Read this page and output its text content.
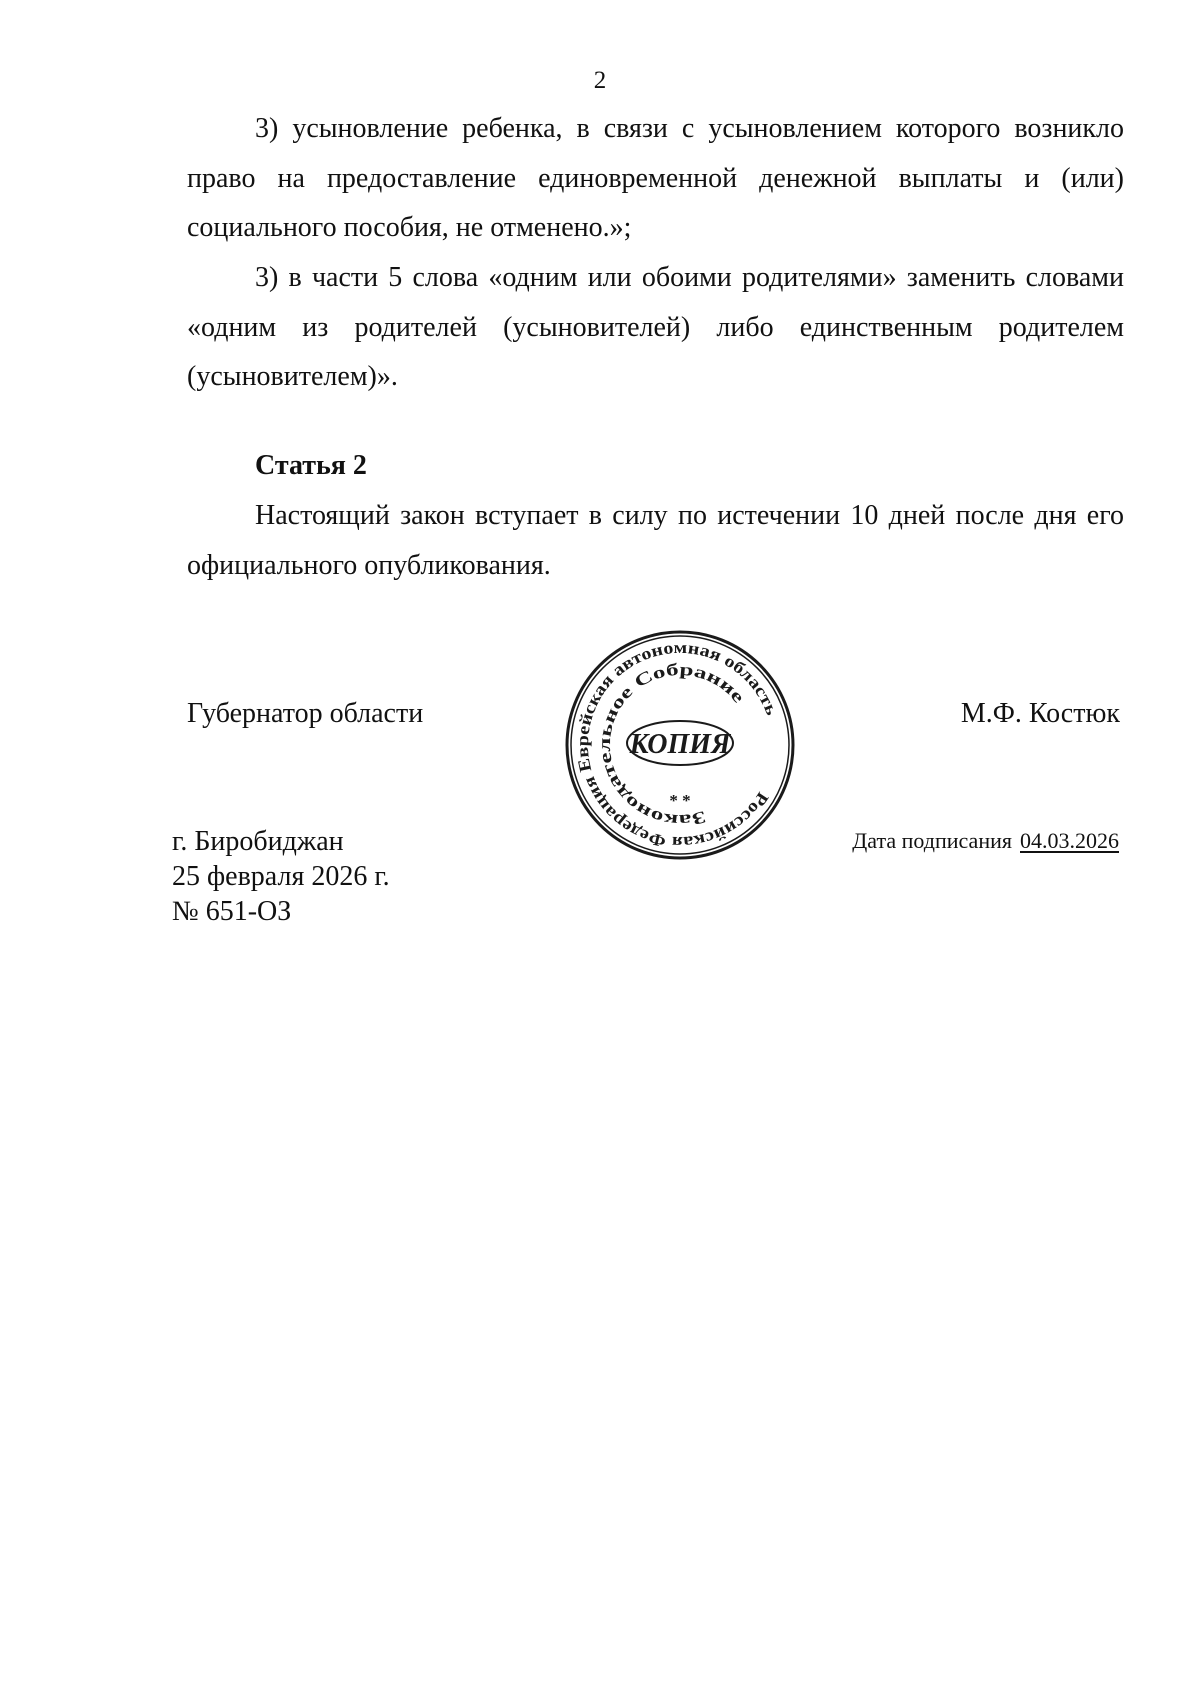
2

3) усыновление ребенка, в связи с усыновлением которого возникло право на предоставление единовременной денежной выплаты и (или) социального пособия, не отменено.»;

3) в части 5 слова «одним или обоими родителями» заменить словами «одним из родителей (усыновителей) либо единственным родителем (усыновителем)».

Статья 2

Настоящий закон вступает в силу по истечении 10 дней после дня его официального опубликования.

Губернатор области	М.Ф. Костюк

Российская Федерация Еврейская автономная область
Законодательное Собрание
КОПИЯ
* *
г. Биробиджан
25 февраля 2026 г.
№ 651-ОЗ
Дата подписания 04.03.2026
